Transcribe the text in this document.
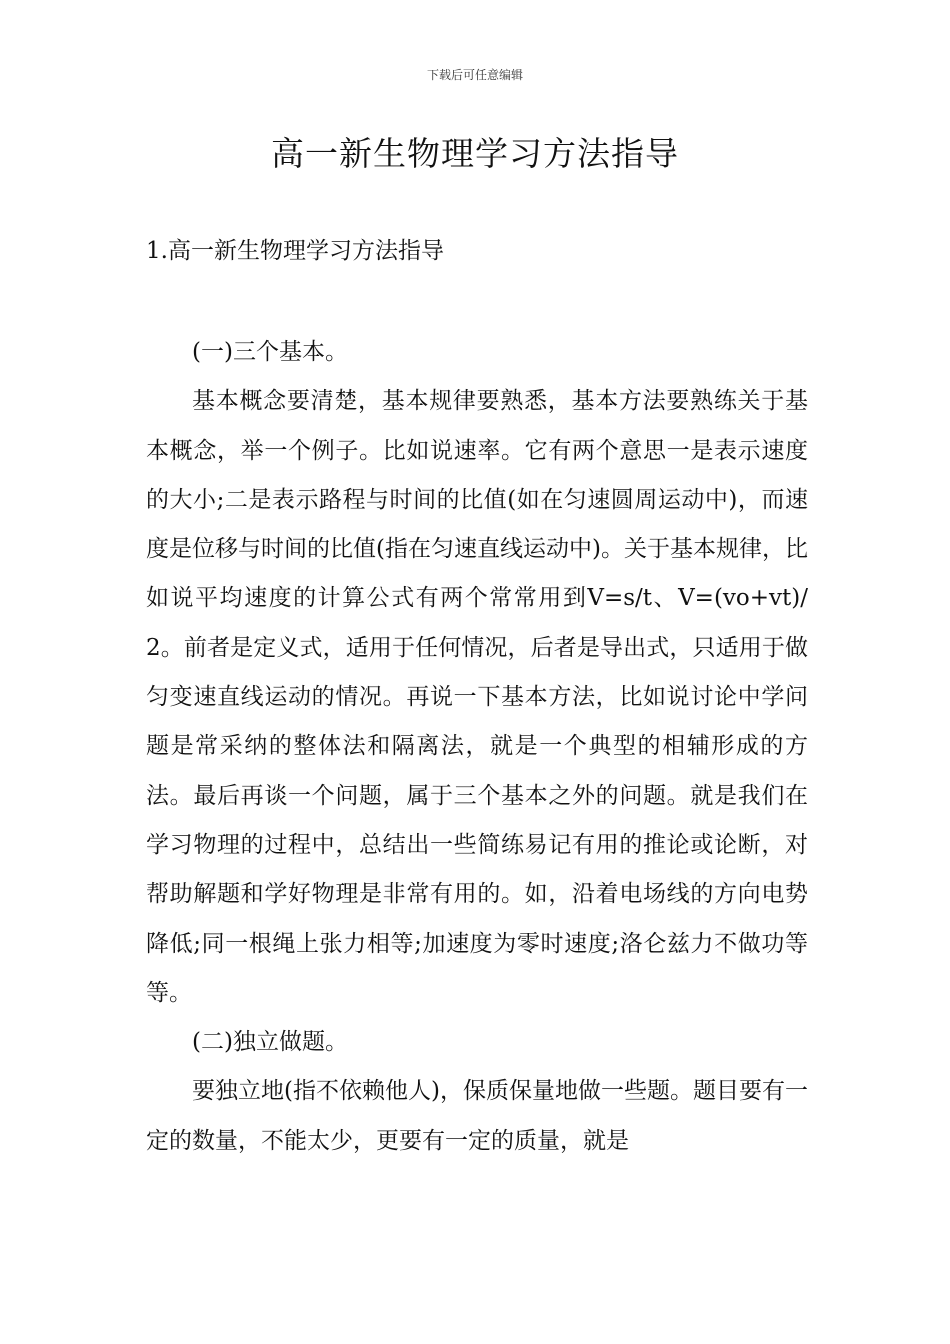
下载后可任意编辑
高一新生物理学习方法指导
1.高一新生物理学习方法指导

(一)三个基本。

基本概念要清楚，基本规律要熟悉，基本方法要熟练关于基本概念，举一个例子。比如说速率。它有两个意思一是表示速度的大小;二是表示路程与时间的比值(如在匀速圆周运动中)，而速度是位移与时间的比值(指在匀速直线运动中)。关于基本规律，比如说平均速度的计算公式有两个常常用到V=s/t、V=(vo+vt)/2。前者是定义式，适用于任何情况，后者是导出式，只适用于做匀变速直线运动的情况。再说一下基本方法，比如说讨论中学问题是常采纳的整体法和隔离法，就是一个典型的相辅形成的方法。最后再谈一个问题，属于三个基本之外的问题。就是我们在学习物理的过程中，总结出一些简练易记有用的推论或论断，对帮助解题和学好物理是非常有用的。如，沿着电场线的方向电势降低;同一根绳上张力相等;加速度为零时速度;洛仑兹力不做功等等。

(二)独立做题。

要独立地(指不依赖他人)，保质保量地做一些题。题目要有一定的数量，不能太少，更要有一定的质量，就是
